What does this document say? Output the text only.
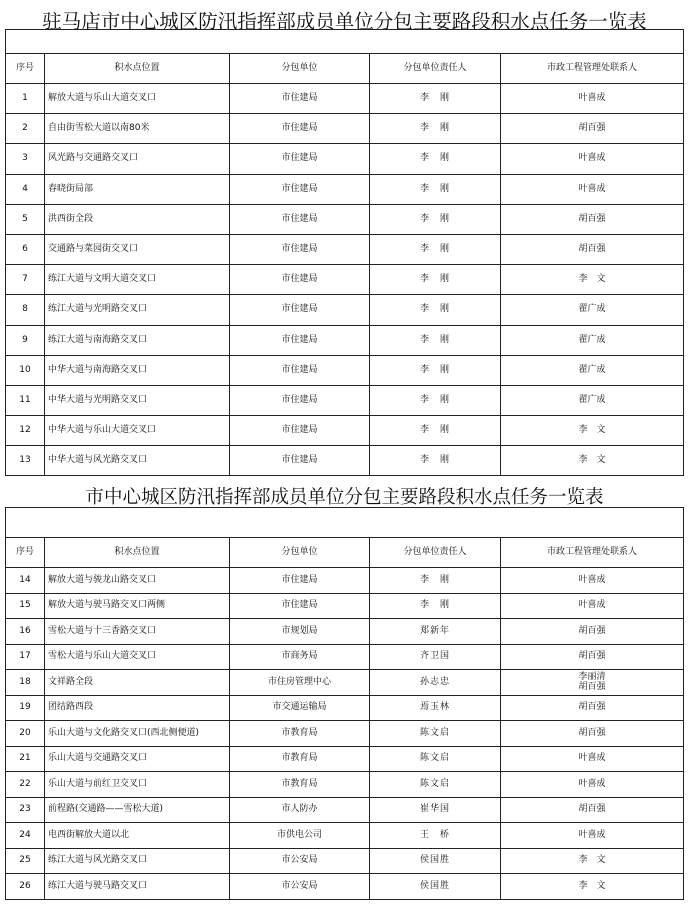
驻马店市中心城区防汛指挥部成员单位分包主要路段积水点任务一览表

序号	积水点位置	分包单位	分包单位责任人	市政工程管理处联系人
1	解放大道与乐山大道交叉口	市住建局	李　刚	叶喜成
2	自由街雪松大道以南80米	市住建局	李　刚	胡百强
3	风光路与交通路交叉口	市住建局	李　刚	叶喜成
4	春晓街局部	市住建局	李　刚	叶喜成
5	洪西街全段	市住建局	李　刚	胡百强
6	交通路与菜园街交叉口	市住建局	李　刚	胡百强
7	练江大道与文明大道交叉口	市住建局	李　刚	李　文
8	练江大道与光明路交叉口	市住建局	李　刚	翟广成
9	练江大道与南海路交叉口	市住建局	李　刚	翟广成
10	中华大道与南海路交叉口	市住建局	李　刚	翟广成
11	中华大道与光明路交叉口	市住建局	李　刚	翟广成
12	中华大道与乐山大道交叉口	市住建局	李　刚	李　文
13	中华大道与风光路交叉口	市住建局	李　刚	李　文
市中心城区防汛指挥部成员单位分包主要路段积水点任务一览表

序号	积水点位置	分包单位	分包单位责任人	市政工程管理处联系人
14	解放大道与骏龙山路交叉口	市住建局	李　刚	叶喜成
15	解放大道与驶马路交叉口两侧	市住建局	李　刚	叶喜成
16	雪松大道与十三香路交叉口	市规划局	郑新年	胡百强
17	雪松大道与乐山大道交叉口	市商务局	齐卫国	胡百强
18	文祥路全段	市住房管理中心	孙志忠	李丽清
胡百强

19	团结路西段	市交通运输局	焉玉林	胡百强
20	乐山大道与文化路交叉口(西北侧便道)	市教育局	陈文启	胡百强
21	乐山大道与交通路交叉口	市教育局	陈文启	叶喜成
22	乐山大道与前红卫交叉口	市教育局	陈文启	叶喜成
23	前程路(交通路——雪松大道)	市人防办	崔华国	胡百强
24	电西街解放大道以北	市供电公司	王　桥	叶喜成
25	练江大道与风光路交叉口	市公安局	侯国胜	李　文
26	练江大道与驶马路交叉口	市公安局	侯国胜	李　文
